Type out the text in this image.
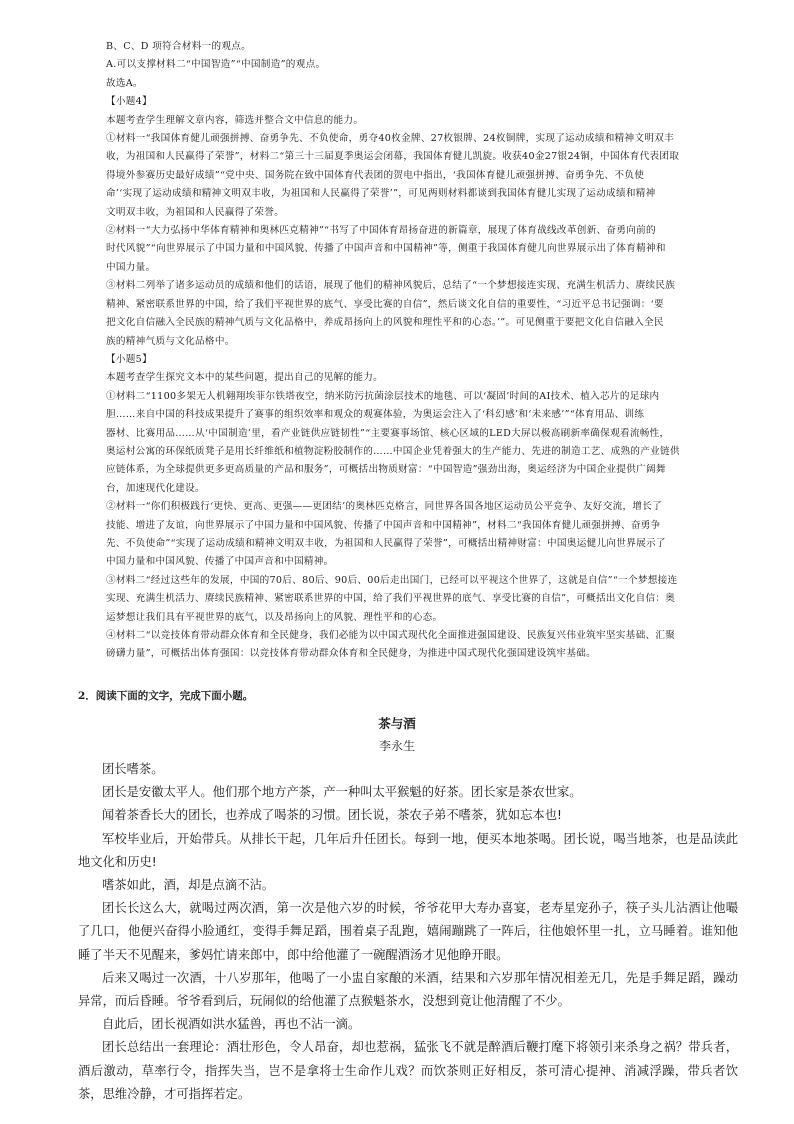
B、C、D 项符合材料一的观点。
A.可以支撑材料二“中国智造”“中国制造”的观点。
故选A。
【小题4】
本题考查学生理解文章内容，筛选并整合文中信息的能力。
①材料一“我国体育健儿顽强拼搏、奋勇争先、不负使命，勇夺40枚金牌、27枚银牌、24枚铜牌，实现了运动成绩和精神文明双丰
收，为祖国和人民赢得了荣誉”，材料二“第三十三届夏季奥运会闭幕，我国体育健儿凯旋。收获40金27银24铜，中国体育代表团取
得境外参赛历史最好成绩”“党中央、国务院在致中国体育代表团的贺电中指出，‘我国体育健儿顽强拼搏、奋勇争先、不负使
命’‘实现了运动成绩和精神文明双丰收，为祖国和人民赢得了荣誉’”，可见两则材料都谈到我国体育健儿实现了运动成绩和精神
文明双丰收，为祖国和人民赢得了荣誉。
②材料一“大力弘扬中华体育精神和奥林匹克精神”“书写了中国体育昂扬奋进的新篇章，展现了体育战线改革创新、奋勇向前的
时代风貌”“向世界展示了中国力量和中国风貌、传播了中国声音和中国精神”等，侧重于我国体育健儿向世界展示出了体育精神和
中国力量。
③材料二列举了诸多运动员的成绩和他们的话语，展现了他们的精神风貌后，总结了“一个梦想接连实现、充满生机活力、赓续民族
精神、紧密联系世界的中国，给了我们平视世界的底气、享受比赛的自信”，然后谈文化自信的重要性，“习近平总书记强调：‘要
把文化自信融入全民族的精神气质与文化品格中，养成昂扬向上的风貌和理性平和的心态。’”。可见侧重于要把文化自信融入全民
族的精神气质与文化品格中。
【小题5】
本题考查学生探究文本中的某些问题，提出自己的见解的能力。
①材料二“1100多架无人机翱翔埃菲尔铁塔夜空，纳米防污抗菌涂层技术的地毯、可以‘凝固’时间的AI技术、植入芯片的足球内
胆……来自中国的科技成果提升了赛事的组织效率和观众的观赛体验，为奥运会注入了‘科幻感’和‘未来感’”“体育用品、训练
器材、比赛用品……从‘中国制造’里，看产业链供应链韧性”“主要赛事场馆、核心区域的LED大屏以极高刷新率确保观看流畅性，
奥运村公寓的环保纸质凳子是用长纤维纸和植物淀粉胶制作的……中国企业凭着强大的生产能力、先进的制造工艺、成熟的产业链供
应链体系，为全球提供更多更高质量的产品和服务”，可概括出物质财富：“中国智造”强劲出海，奥运经济为中国企业提供广阔舞
台，加速现代化建设。
②材料一“你们积极践行‘更快、更高、更强——更团结’的奥林匹克格言，同世界各国各地区运动员公平竞争、友好交流，增长了
技能、增进了友谊，向世界展示了中国力量和中国风貌、传播了中国声音和中国精神”，材料二“我国体育健儿顽强拼搏、奋勇争
先、不负使命”“实现了运动成绩和精神文明双丰收，为祖国和人民赢得了荣誉”，可概括出精神财富：中国奥运健儿向世界展示了
中国力量和中国风貌、传播了中国声音和中国精神。
③材料二“经过这些年的发展，中国的70后、80后、90后、00后走出国门，已经可以平视这个世界了，这就是自信”“一个梦想接连
实现、充满生机活力、赓续民族精神、紧密联系世界的中国，给了我们平视世界的底气、享受比赛的自信”，可概括出文化自信：奥
运梦想让我们具有平视世界的底气，以及昂扬向上的风貌、理性平和的心态。
④材料二“以竞技体育带动群众体育和全民健身，我们必能为以中国式现代化全面推进强国建设、民族复兴伟业筑牢坚实基础、汇聚
磅礴力量”，可概括出体育强国：以竞技体育带动群众体育和全民健身，为推进中国式现代化强国建设筑牢基础。
2．阅读下面的文字，完成下面小题。
茶与酒
李永生
团长嗜茶。
团长是安徽太平人。他们那个地方产茶，产一种叫太平猴魁的好茶。团长家是茶农世家。
闻着茶香长大的团长，也养成了喝茶的习惯。团长说，茶农子弟不嗜茶，犹如忘本也!
军校毕业后，开始带兵。从排长干起，几年后升任团长。每到一地，便买本地茶喝。团长说，喝当地茶，也是品读此地文化和历史!
嗜茶如此，酒，却是点滴不沾。
团长长这么大，就喝过两次酒，第一次是他六岁的时候，爷爷花甲大寿办喜宴，老寿星宠孙子，筷子头儿沾酒让他嘬了几口，他便兴奋得小脸通红，变得手舞足蹈，围着桌子乱跑，嬉闹蹦跳了一阵后，往他娘怀里一扎，立马睡着。谁知他睡了半天不见醒来，爹妈忙请来郎中，郎中给他灌了一碗醒酒汤才见他睁开眼。
后来又喝过一次酒，十八岁那年，他喝了一小盅自家酿的米酒，结果和六岁那年情况相差无几，先是手舞足蹈，躁动异常，而后昏睡。爷爷看到后，玩闹似的给他灌了点猴魁茶水，没想到竟让他清醒了不少。
自此后，团长视酒如洪水猛兽，再也不沾一滴。
团长总结出一套理论：酒壮形色，令人昂奋，却也惹祸，猛张飞不就是醉酒后鞭打麾下将领引来杀身之祸？带兵者，酒后激动，草率行令，指挥失当，岂不是拿将士生命作儿戏？而饮茶则正好相反，茶可清心提神、消减浮躁，带兵者饮茶，思维冷静，才可指挥若定。
